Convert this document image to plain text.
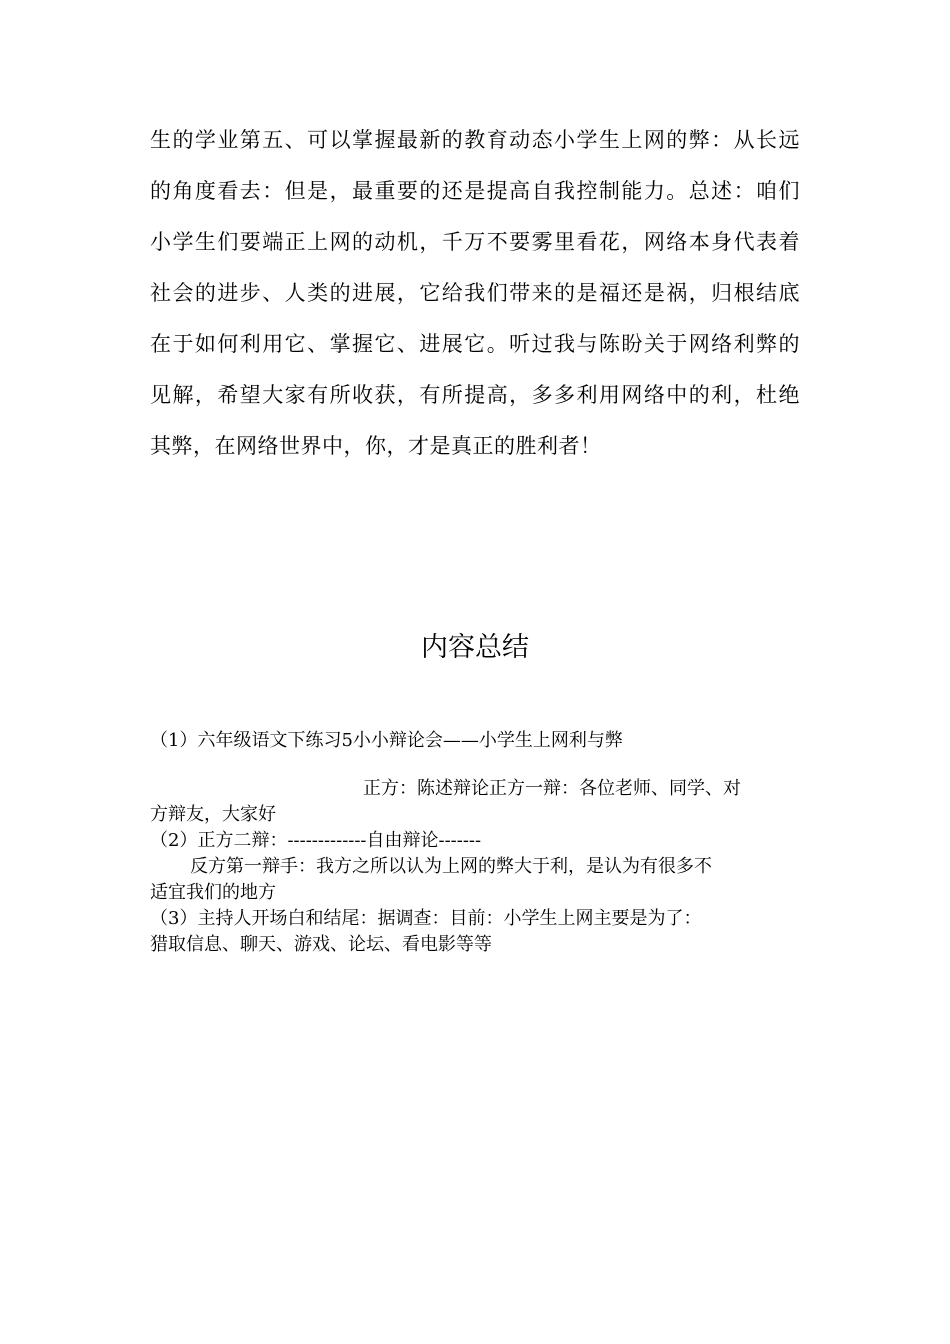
生的学业第五、可以掌握最新的教育动态小学生上网的弊：从长远
的角度看去：但是，最重要的还是提高自我控制能力。总述：咱们
小学生们要端正上网的动机，千万不要雾里看花，网络本身代表着
社会的进步、人类的进展，它给我们带来的是福还是祸，归根结底
在于如何利用它、掌握它、进展它。听过我与陈盼关于网络利弊的
见解，希望大家有所收获，有所提高，多多利用网络中的利，杜绝
其弊，在网络世界中，你，才是真正的胜利者！
内容总结
（1）六年级语文下练习5小小辩论会——小学生上网利与弊
正方：陈述辩论正方一辩：各位老师、同学、对
方辩友，大家好
（2）正方二辩：-------------自由辩论-------
反方第一辩手：我方之所以认为上网的弊大于利，是认为有很多不
适宜我们的地方
（3）主持人开场白和结尾：据调查：目前：小学生上网主要是为了：
猎取信息、聊天、游戏、论坛、看电影等等
